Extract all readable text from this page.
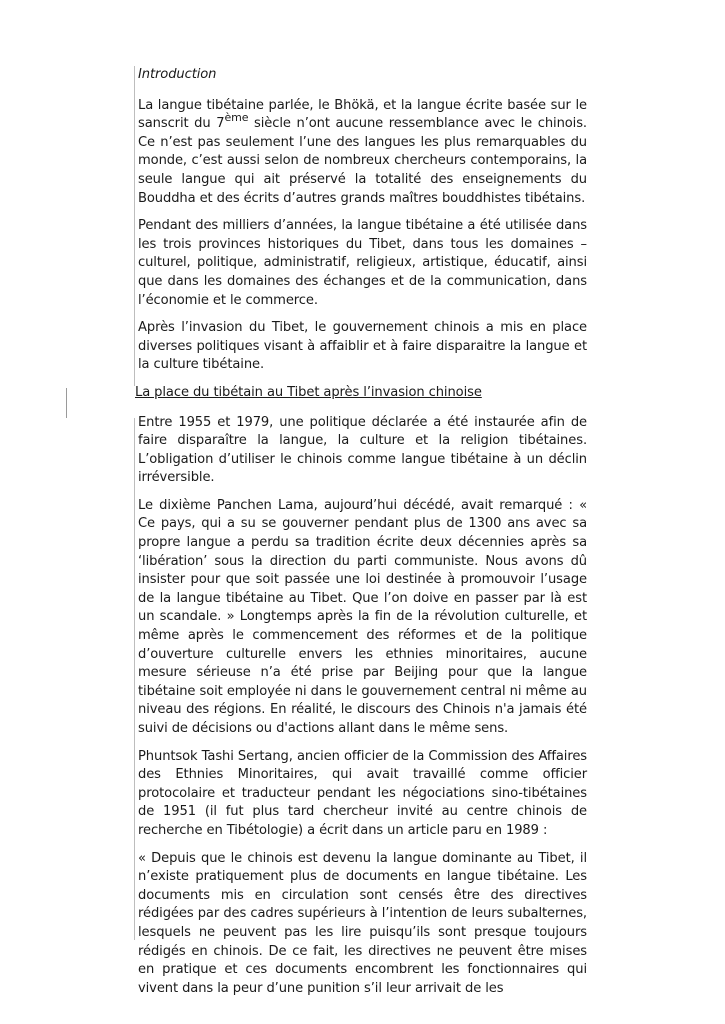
Introduction

La langue tibétaine parlée, le Bhökä, et la langue écrite basée sur le sanscrit du 7ème siècle n’ont aucune ressemblance avec le chinois. Ce n’est pas seulement l’une des langues les plus remarquables du monde, c’est aussi selon de nombreux chercheurs contemporains, la seule langue qui ait préservé la totalité des enseignements du Bouddha et des écrits d’autres grands maîtres bouddhistes tibétains.

Pendant des milliers d’années, la langue tibétaine a été utilisée dans les trois provinces historiques du Tibet, dans tous les domaines – culturel, politique, administratif, religieux, artistique, éducatif, ainsi que dans les domaines des échanges et de la communication, dans l’économie et le commerce.

Après l’invasion du Tibet, le gouvernement chinois a mis en place diverses politiques visant à affaiblir et à faire disparaitre la langue et la culture tibétaine.

La place du tibétain au Tibet après l’invasion chinoise

Entre 1955 et 1979, une politique déclarée a été instaurée afin de faire disparaître la langue, la culture et la religion tibétaines. L’obligation d’utiliser le chinois comme langue tibétaine à un déclin irréversible.

Le dixième Panchen Lama, aujourd’hui décédé, avait remarqué : « Ce pays, qui a su se gouverner pendant plus de 1300 ans avec sa propre langue a perdu sa tradition écrite deux décennies après sa ‘libération’ sous la direction du parti communiste. Nous avons dû insister pour que soit passée une loi destinée à promouvoir l’usage de la langue tibétaine au Tibet. Que l’on doive en passer par là est un scandale. » Longtemps après la fin de la révolution culturelle, et même après le commencement des réformes et de la politique d’ouverture culturelle envers les ethnies minoritaires, aucune mesure sérieuse n’a été prise par Beijing pour que la langue tibétaine soit employée ni dans le gouvernement central ni même au niveau des régions. En réalité, le discours des Chinois n'a jamais été suivi de décisions ou d'actions allant dans le même sens.

Phuntsok Tashi Sertang, ancien officier de la Commission des Affaires des Ethnies Minoritaires, qui avait travaillé comme officier protocolaire et traducteur pendant les négociations sino-tibétaines de 1951 (il fut plus tard chercheur invité au centre chinois de recherche en Tibétologie) a écrit dans un article paru en 1989 :

« Depuis que le chinois est devenu la langue dominante au Tibet, il n’existe pratiquement plus de documents en langue tibétaine. Les documents mis en circulation sont censés être des directives rédigées par des cadres supérieurs à l’intention de leurs subalternes, lesquels ne peuvent pas les lire puisqu’ils sont presque toujours rédigés en chinois. De ce fait, les directives ne peuvent être mises en pratique et ces documents encombrent les fonctionnaires qui vivent dans la peur d’une punition s’il leur arrivait de les
